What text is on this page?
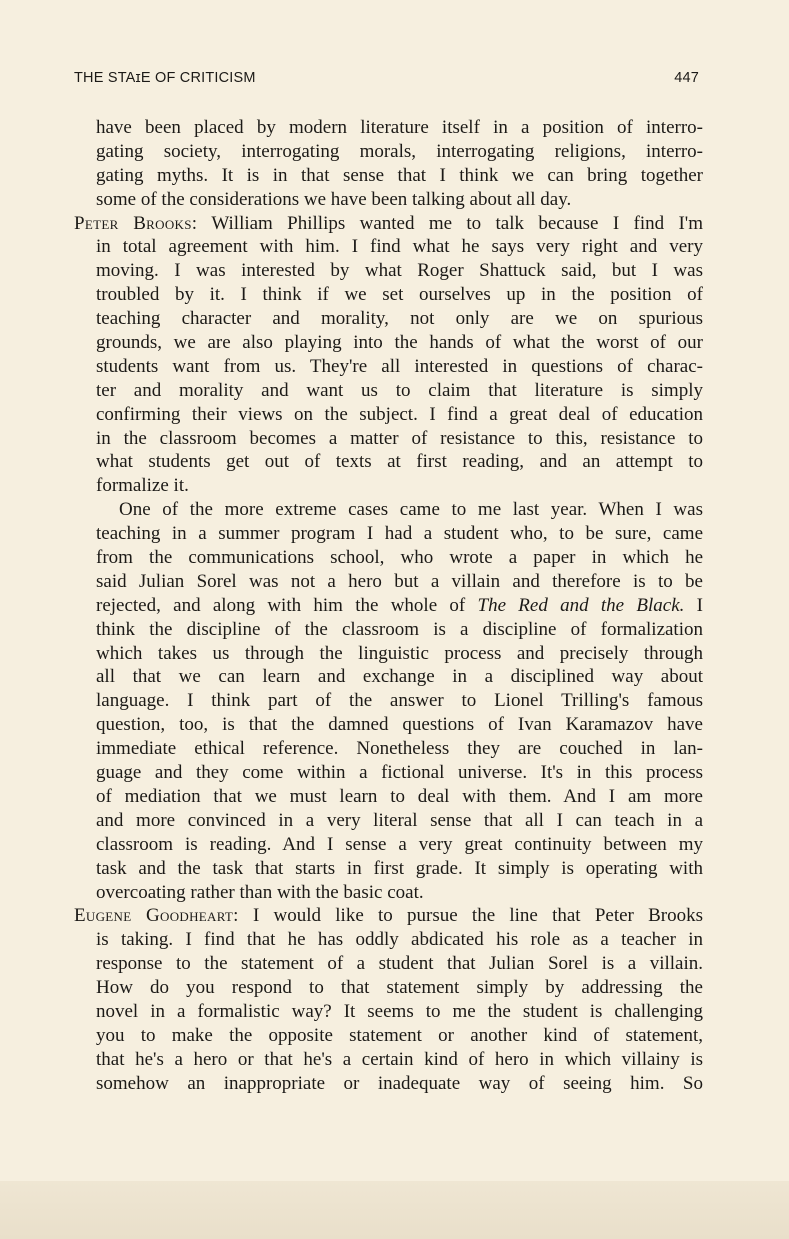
THE STAɪE OF CRITICISM	447
have been placed by modern literature itself in a position of interro-
gating society, interrogating morals, interrogating religions, interro-
gating myths. It is in that sense that I think we can bring together
some of the considerations we have been talking about all day.
Peter Brooks: William Phillips wanted me to talk because I find I'm
in total agreement with him. I find what he says very right and very
moving. I was interested by what Roger Shattuck said, but I was
troubled by it. I think if we set ourselves up in the position of
teaching character and morality, not only are we on spurious
grounds, we are also playing into the hands of what the worst of our
students want from us. They're all interested in questions of charac-
ter and morality and want us to claim that literature is simply
confirming their views on the subject. I find a great deal of education
in the classroom becomes a matter of resistance to this, resistance to
what students get out of texts at first reading, and an attempt to
formalize it.
One of the more extreme cases came to me last year. When I was
teaching in a summer program I had a student who, to be sure, came
from the communications school, who wrote a paper in which he
said Julian Sorel was not a hero but a villain and therefore is to be
rejected, and along with him the whole of The Red and the Black. I
think the discipline of the classroom is a discipline of formalization
which takes us through the linguistic process and precisely through
all that we can learn and exchange in a disciplined way about
language. I think part of the answer to Lionel Trilling's famous
question, too, is that the damned questions of Ivan Karamazov have
immediate ethical reference. Nonetheless they are couched in lan-
guage and they come within a fictional universe. It's in this process
of mediation that we must learn to deal with them. And I am more
and more convinced in a very literal sense that all I can teach in a
classroom is reading. And I sense a very great continuity between my
task and the task that starts in first grade. It simply is operating with
overcoating rather than with the basic coat.
Eugene Goodheart: I would like to pursue the line that Peter Brooks
is taking. I find that he has oddly abdicated his role as a teacher in
response to the statement of a student that Julian Sorel is a villain.
How do you respond to that statement simply by addressing the
novel in a formalistic way? It seems to me the student is challenging
you to make the opposite statement or another kind of statement,
that he's a hero or that he's a certain kind of hero in which villainy is
somehow an inappropriate or inadequate way of seeing him. So
